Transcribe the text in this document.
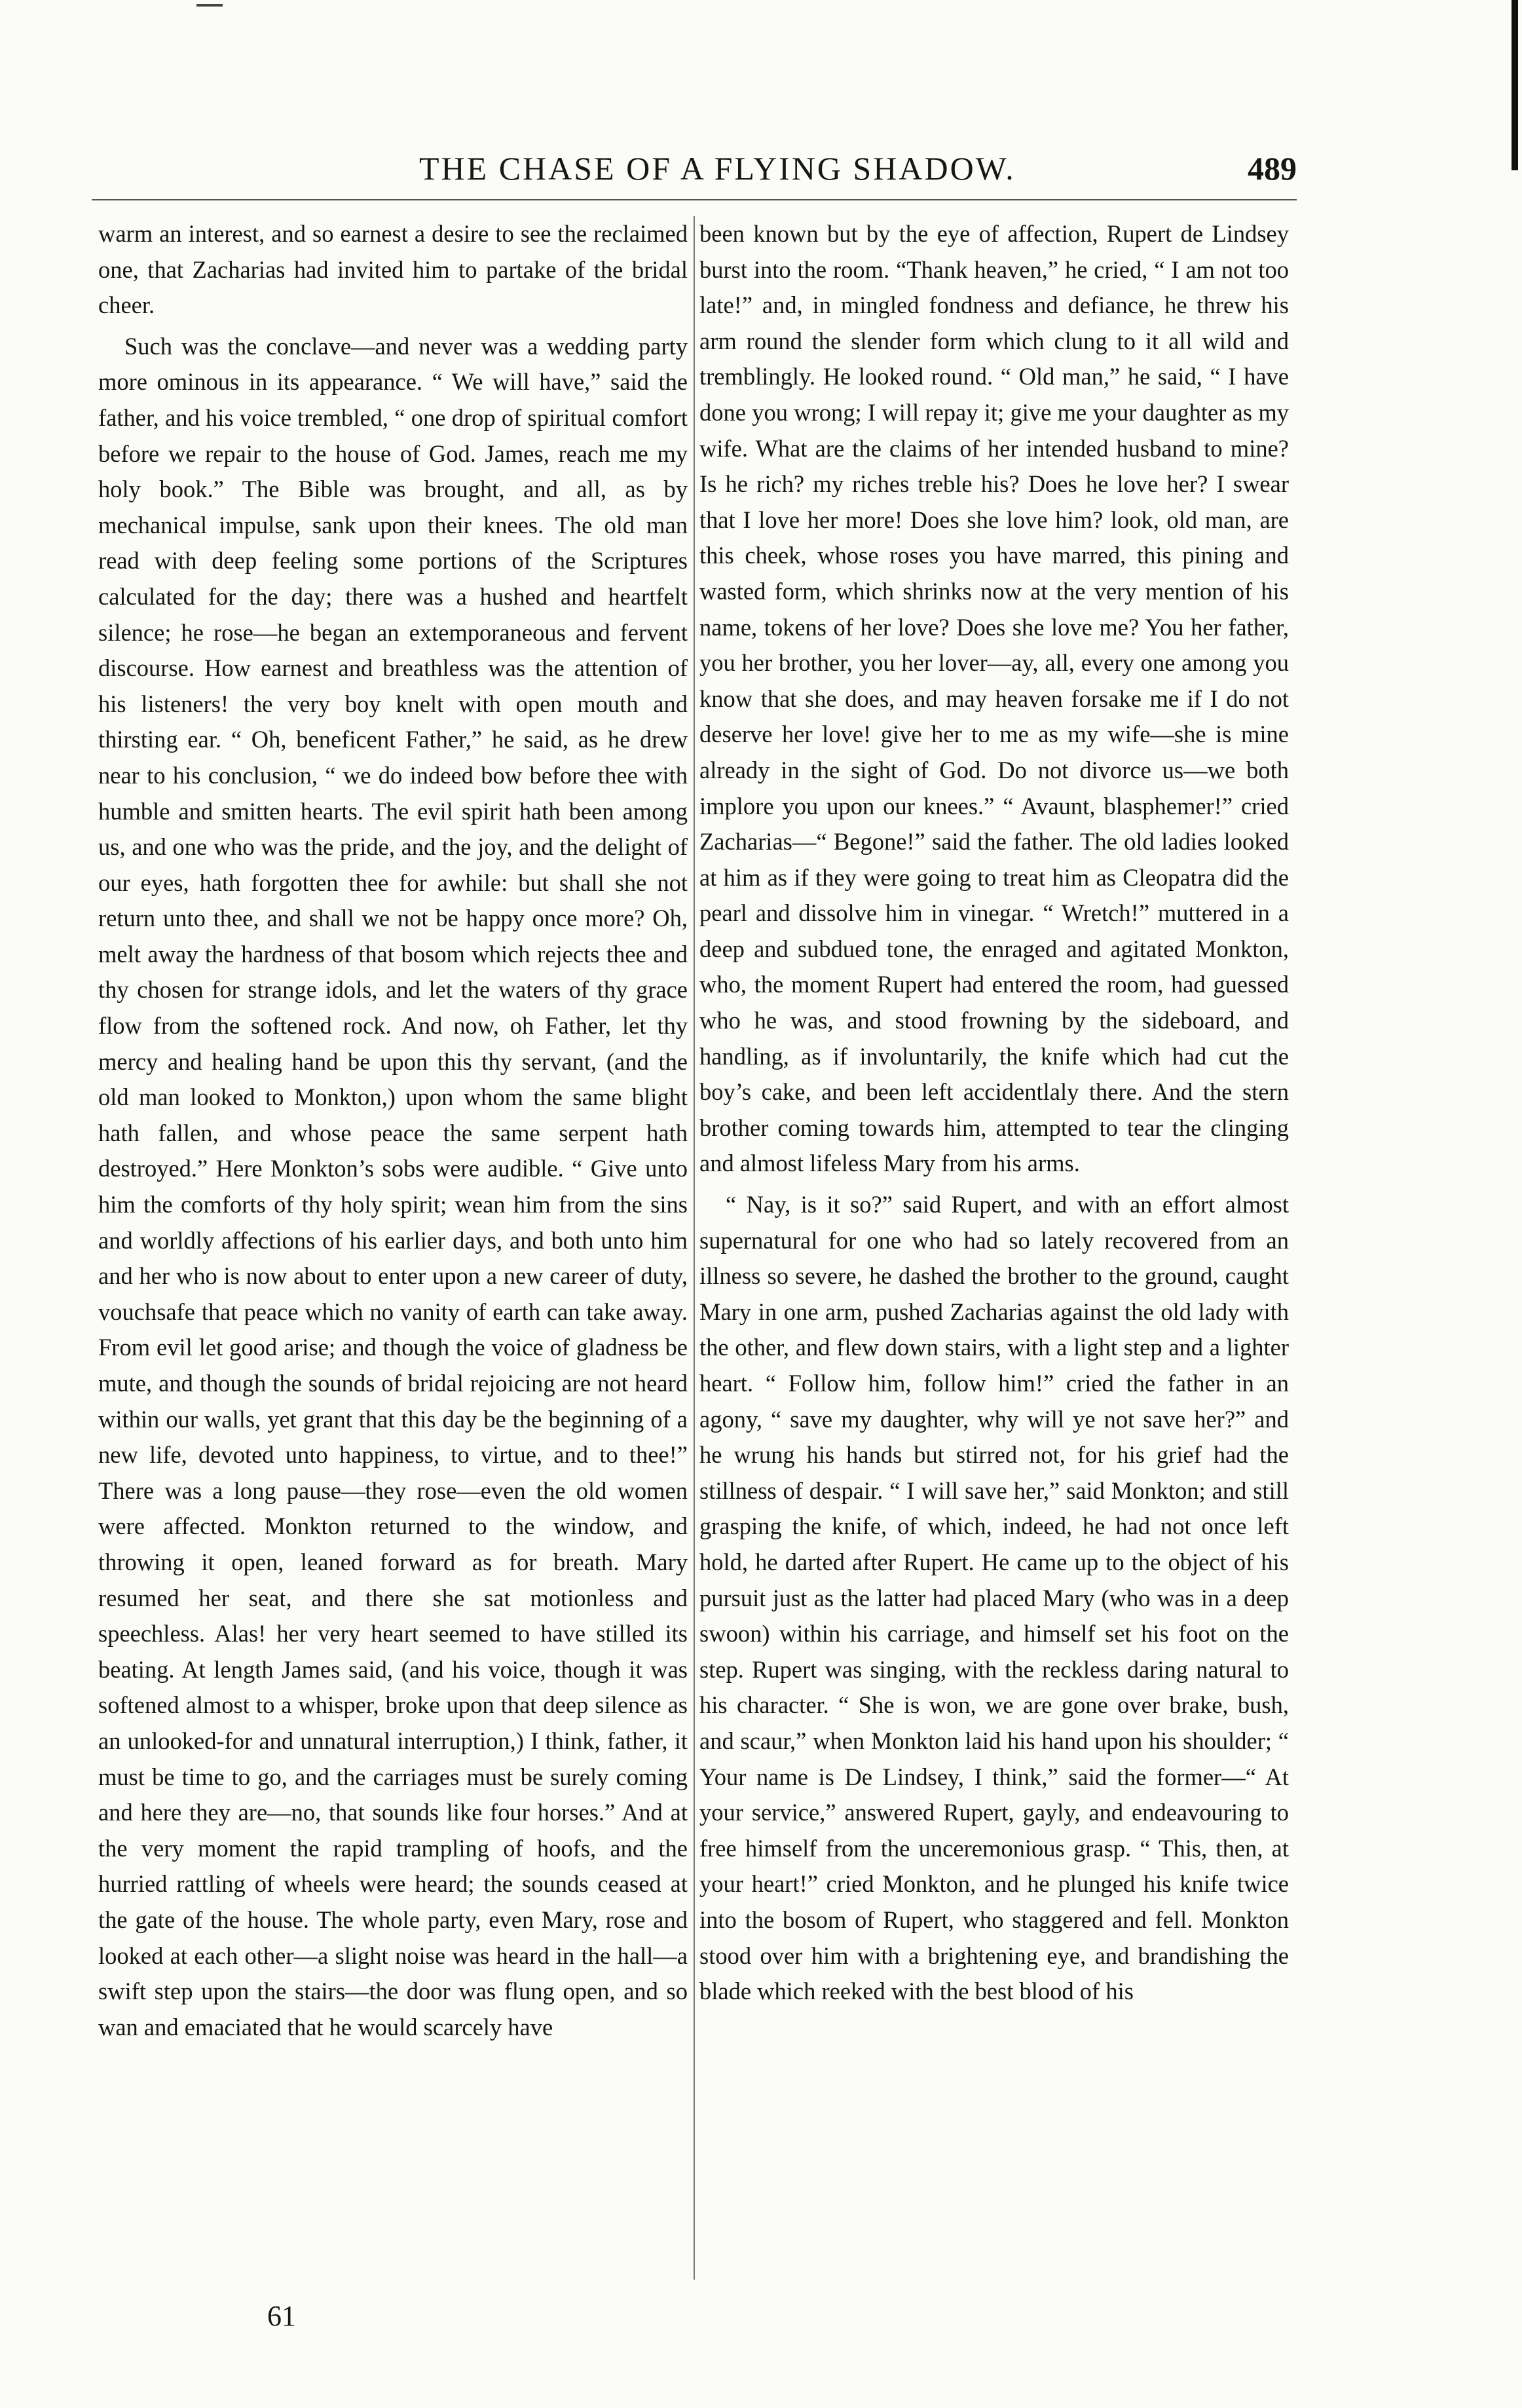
THE CHASE OF A FLYING SHADOW.	489

warm an interest, and so earnest a desire to see the reclaimed one, that Zacharias had invited him to partake of the bridal cheer.

Such was the conclave—and never was a wedding party more ominous in its appearance. “ We will have,” said the father, and his voice trembled, “ one drop of spiritual comfort before we repair to the house of God. James, reach me my holy book.” The Bible was brought, and all, as by mechanical impulse, sank upon their knees. The old man read with deep feeling some portions of the Scriptures calculated for the day; there was a hushed and heartfelt silence; he rose—he began an extemporaneous and fervent discourse. How earnest and breathless was the attention of his listeners! the very boy knelt with open mouth and thirsting ear. “ Oh, beneficent Father,” he said, as he drew near to his conclusion, “ we do indeed bow before thee with humble and smitten hearts. The evil spirit hath been among us, and one who was the pride, and the joy, and the delight of our eyes, hath forgotten thee for awhile: but shall she not return unto thee, and shall we not be happy once more? Oh, melt away the hardness of that bosom which rejects thee and thy chosen for strange idols, and let the waters of thy grace flow from the softened rock. And now, oh Father, let thy mercy and healing hand be upon this thy servant, (and the old man looked to Monkton,) upon whom the same blight hath fallen, and whose peace the same serpent hath destroyed.” Here Monkton’s sobs were audible. “ Give unto him the comforts of thy holy spirit; wean him from the sins and worldly affections of his earlier days, and both unto him and her who is now about to enter upon a new career of duty, vouchsafe that peace which no vanity of earth can take away. From evil let good arise; and though the voice of gladness be mute, and though the sounds of bridal rejoicing are not heard within our walls, yet grant that this day be the beginning of a new life, devoted unto happiness, to virtue, and to thee!” There was a long pause—they rose—even the old women were affected. Monkton returned to the window, and throwing it open, leaned forward as for breath. Mary resumed her seat, and there she sat motionless and speechless. Alas! her very heart seemed to have stilled its beating. At length James said, (and his voice, though it was softened almost to a whisper, broke upon that deep silence as an unlooked-for and unnatural interruption,) I think, father, it must be time to go, and the carriages must be surely coming and here they are—no, that sounds like four horses.” And at the very moment the rapid trampling of hoofs, and the hurried rattling of wheels were heard; the sounds ceased at the gate of the house. The whole party, even Mary, rose and looked at each other—a slight noise was heard in the hall—a swift step upon the stairs—the door was flung open, and so wan and emaciated that he would scarcely have

been known but by the eye of affection, Rupert de Lindsey burst into the room. “Thank heaven,” he cried, “ I am not too late!” and, in mingled fondness and defiance, he threw his arm round the slender form which clung to it all wild and tremblingly. He looked round. “ Old man,” he said, “ I have done you wrong; I will repay it; give me your daughter as my wife. What are the claims of her intended husband to mine? Is he rich? my riches treble his? Does he love her? I swear that I love her more! Does she love him? look, old man, are this cheek, whose roses you have marred, this pining and wasted form, which shrinks now at the very mention of his name, tokens of her love? Does she love me? You her father, you her brother, you her lover—ay, all, every one among you know that she does, and may heaven forsake me if I do not deserve her love! give her to me as my wife—she is mine already in the sight of God. Do not divorce us—we both implore you upon our knees.” “ Avaunt, blasphemer!” cried Zacharias—“ Begone!” said the father. The old ladies looked at him as if they were going to treat him as Cleopatra did the pearl and dissolve him in vinegar. “ Wretch!” muttered in a deep and subdued tone, the enraged and agitated Monkton, who, the moment Rupert had entered the room, had guessed who he was, and stood frowning by the sideboard, and handling, as if involuntarily, the knife which had cut the boy’s cake, and been left accidentlaly there. And the stern brother coming towards him, attempted to tear the clinging and almost lifeless Mary from his arms.

“ Nay, is it so?” said Rupert, and with an effort almost supernatural for one who had so lately recovered from an illness so severe, he dashed the brother to the ground, caught Mary in one arm, pushed Zacharias against the old lady with the other, and flew down stairs, with a light step and a lighter heart. “ Follow him, follow him!” cried the father in an agony, “ save my daughter, why will ye not save her?” and he wrung his hands but stirred not, for his grief had the stillness of despair. “ I will save her,” said Monkton; and still grasping the knife, of which, indeed, he had not once left hold, he darted after Rupert. He came up to the object of his pursuit just as the latter had placed Mary (who was in a deep swoon) within his carriage, and himself set his foot on the step. Rupert was singing, with the reckless daring natural to his character. “ She is won, we are gone over brake, bush, and scaur,” when Monkton laid his hand upon his shoulder; “ Your name is De Lindsey, I think,” said the former—“ At your service,” answered Rupert, gayly, and endeavouring to free himself from the unceremonious grasp. “ This, then, at your heart!” cried Monkton, and he plunged his knife twice into the bosom of Rupert, who staggered and fell. Monkton stood over him with a brightening eye, and brandishing the blade which reeked with the best blood of his

61
